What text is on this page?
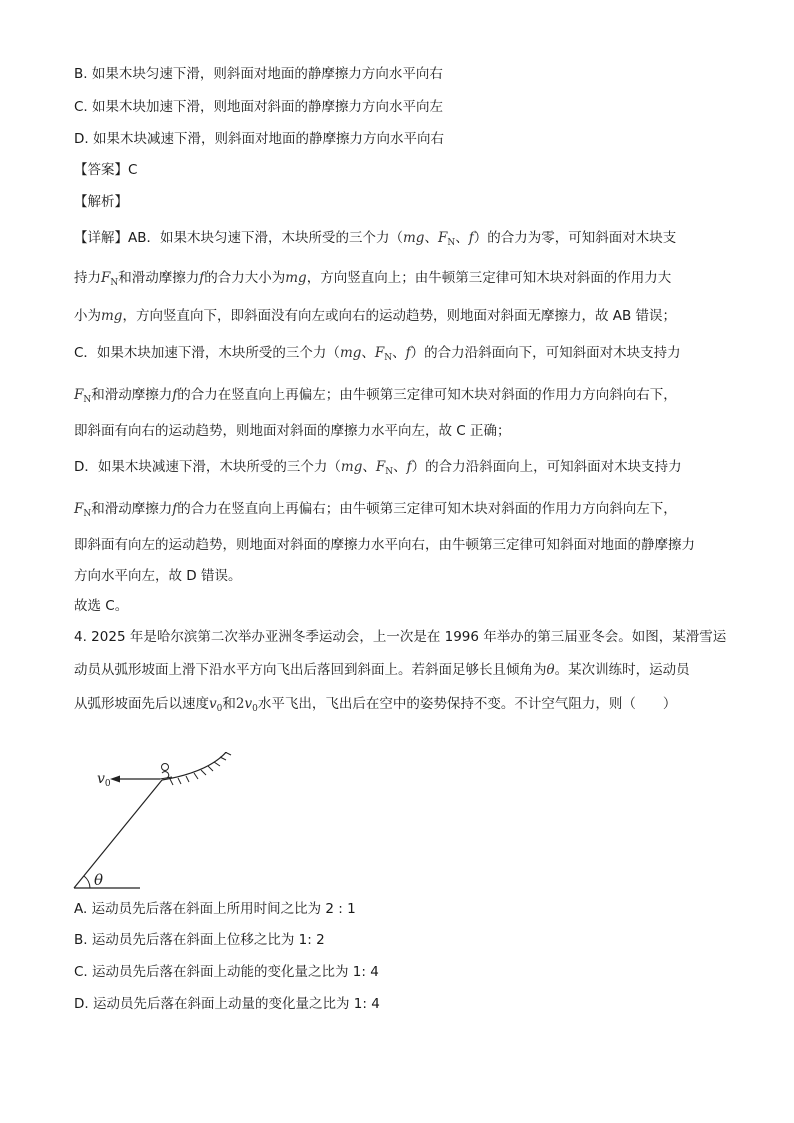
B. 如果木块匀速下滑，则斜面对地面的静摩擦力方向水平向右
C. 如果木块加速下滑，则地面对斜面的静摩擦力方向水平向左
D. 如果木块减速下滑，则斜面对地面的静摩擦力方向水平向右
【答案】C
【解析】
【详解】AB．如果木块匀速下滑，木块所受的三个力（mg、$F_N$、f）的合力为零，可知斜面对木块支
持力$F_N$和滑动摩擦力f的合力大小为mg，方向竖直向上；由牛顿第三定律可知木块对斜面的作用力大
小为mg，方向竖直向下，即斜面没有向左或向右的运动趋势，则地面对斜面无摩擦力，故 AB 错误；
C．如果木块加速下滑，木块所受的三个力（mg、$F_N$、f）的合力沿斜面向下，可知斜面对木块支持力
$F_N$和滑动摩擦力f的合力在竖直向上再偏左；由牛顿第三定律可知木块对斜面的作用力方向斜向右下，
即斜面有向右的运动趋势，则地面对斜面的摩擦力水平向左，故 C 正确；
D．如果木块减速下滑，木块所受的三个力（mg、$F_N$、f）的合力沿斜面向上，可知斜面对木块支持力
$F_N$和滑动摩擦力f的合力在竖直向上再偏右；由牛顿第三定律可知木块对斜面的作用力方向斜向左下，
即斜面有向左的运动趋势，则地面对斜面的摩擦力水平向右，由牛顿第三定律可知斜面对地面的静摩擦力
方向水平向左，故 D 错误。
故选 C。
4. 2025 年是哈尔滨第二次举办亚洲冬季运动会，上一次是在 1996 年举办的第三届亚冬会。如图，某滑雪运
动员从弧形坡面上滑下沿水平方向飞出后落回到斜面上。若斜面足够长且倾角为θ。某次训练时，运动员
从弧形坡面先后以速度$v_0$和$2v_0$水平飞出，飞出后在空中的姿势保持不变。不计空气阻力，则（　　）
$v_0$
θ
A. 运动员先后落在斜面上所用时间之比为 2 : 1
B. 运动员先后落在斜面上位移之比为 1: 2
C. 运动员先后落在斜面上动能的变化量之比为 1: 4
D. 运动员先后落在斜面上动量的变化量之比为 1: 4
